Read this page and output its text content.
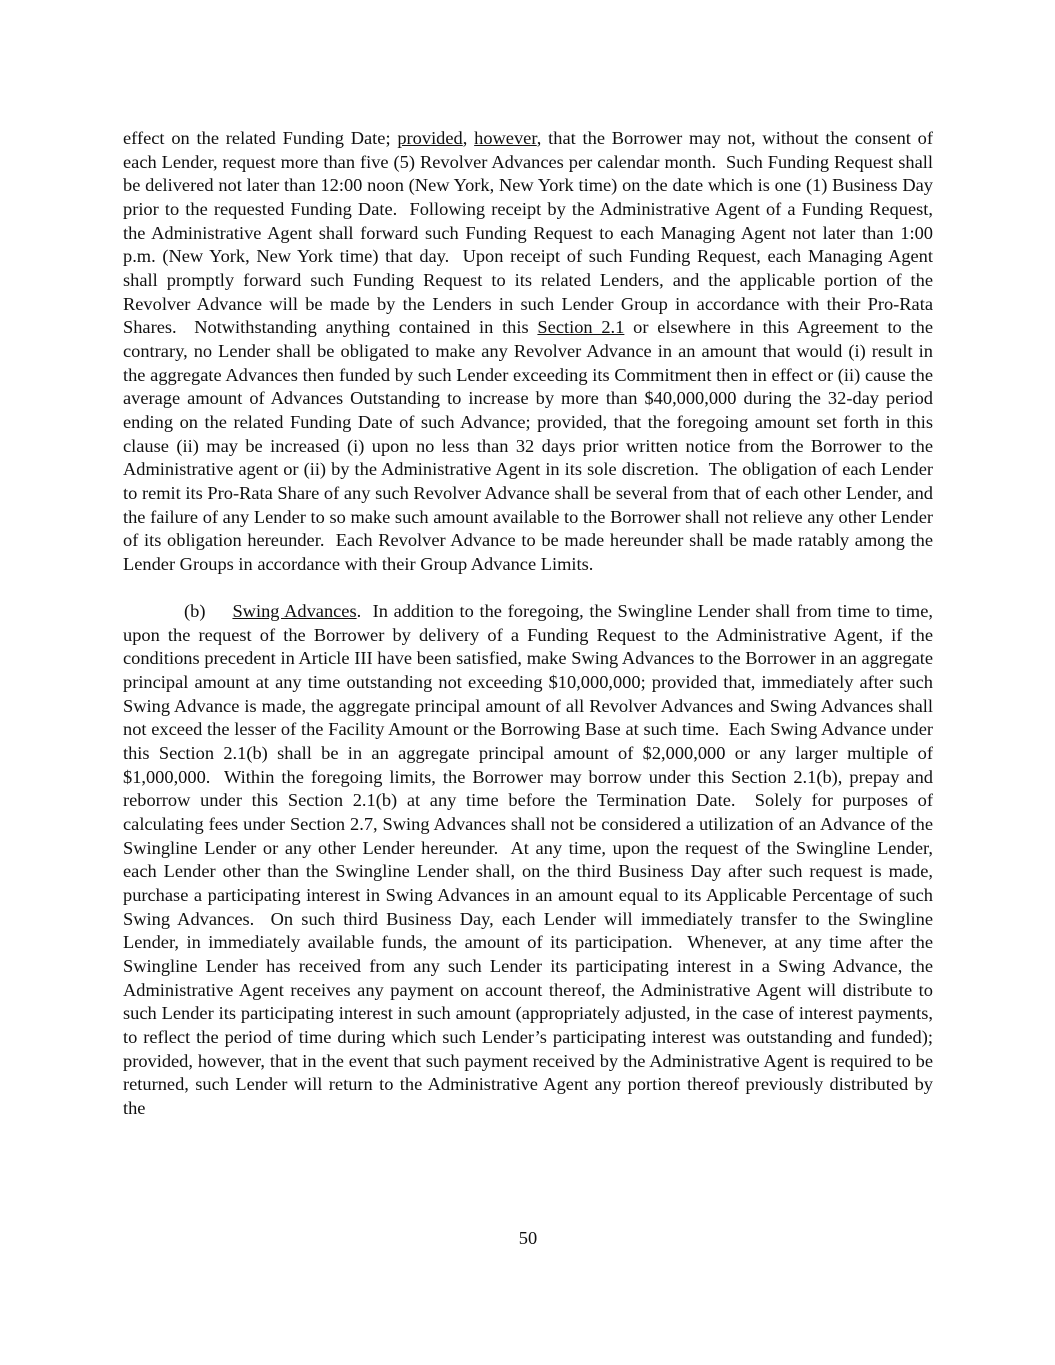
effect on the related Funding Date; provided, however, that the Borrower may not, without the consent of each Lender, request more than five (5) Revolver Advances per calendar month.  Such Funding Request shall be delivered not later than 12:00 noon (New York, New York time) on the date which is one (1) Business Day prior to the requested Funding Date.  Following receipt by the Administrative Agent of a Funding Request, the Administrative Agent shall forward such Funding Request to each Managing Agent not later than 1:00 p.m. (New York, New York time) that day.  Upon receipt of such Funding Request, each Managing Agent shall promptly forward such Funding Request to its related Lenders, and the applicable portion of the Revolver Advance will be made by the Lenders in such Lender Group in accordance with their Pro-Rata Shares.  Notwithstanding anything contained in this Section 2.1 or elsewhere in this Agreement to the contrary, no Lender shall be obligated to make any Revolver Advance in an amount that would (i) result in the aggregate Advances then funded by such Lender exceeding its Commitment then in effect or (ii) cause the average amount of Advances Outstanding to increase by more than $40,000,000 during the 32-day period ending on the related Funding Date of such Advance; provided, that the foregoing amount set forth in this clause (ii) may be increased (i) upon no less than 32 days prior written notice from the Borrower to the Administrative agent or (ii) by the Administrative Agent in its sole discretion.  The obligation of each Lender to remit its Pro-Rata Share of any such Revolver Advance shall be several from that of each other Lender, and the failure of any Lender to so make such amount available to the Borrower shall not relieve any other Lender of its obligation hereunder.  Each Revolver Advance to be made hereunder shall be made ratably among the Lender Groups in accordance with their Group Advance Limits.

(b) Swing Advances.  In addition to the foregoing, the Swingline Lender shall from time to time, upon the request of the Borrower by delivery of a Funding Request to the Administrative Agent, if the conditions precedent in Article III have been satisfied, make Swing Advances to the Borrower in an aggregate principal amount at any time outstanding not exceeding $10,000,000; provided that, immediately after such Swing Advance is made, the aggregate principal amount of all Revolver Advances and Swing Advances shall not exceed the lesser of the Facility Amount or the Borrowing Base at such time.  Each Swing Advance under this Section 2.1(b) shall be in an aggregate principal amount of $2,000,000 or any larger multiple of $1,000,000.  Within the foregoing limits, the Borrower may borrow under this Section 2.1(b), prepay and reborrow under this Section 2.1(b) at any time before the Termination Date.  Solely for purposes of calculating fees under Section 2.7, Swing Advances shall not be considered a utilization of an Advance of the Swingline Lender or any other Lender hereunder.  At any time, upon the request of the Swingline Lender, each Lender other than the Swingline Lender shall, on the third Business Day after such request is made, purchase a participating interest in Swing Advances in an amount equal to its Applicable Percentage of such Swing Advances.  On such third Business Day, each Lender will immediately transfer to the Swingline Lender, in immediately available funds, the amount of its participation.  Whenever, at any time after the Swingline Lender has received from any such Lender its participating interest in a Swing Advance, the Administrative Agent receives any payment on account thereof, the Administrative Agent will distribute to such Lender its participating interest in such amount (appropriately adjusted, in the case of interest payments, to reflect the period of time during which such Lender’s participating interest was outstanding and funded); provided, however, that in the event that such payment received by the Administrative Agent is required to be returned, such Lender will return to the Administrative Agent any portion thereof previously distributed by the

50
